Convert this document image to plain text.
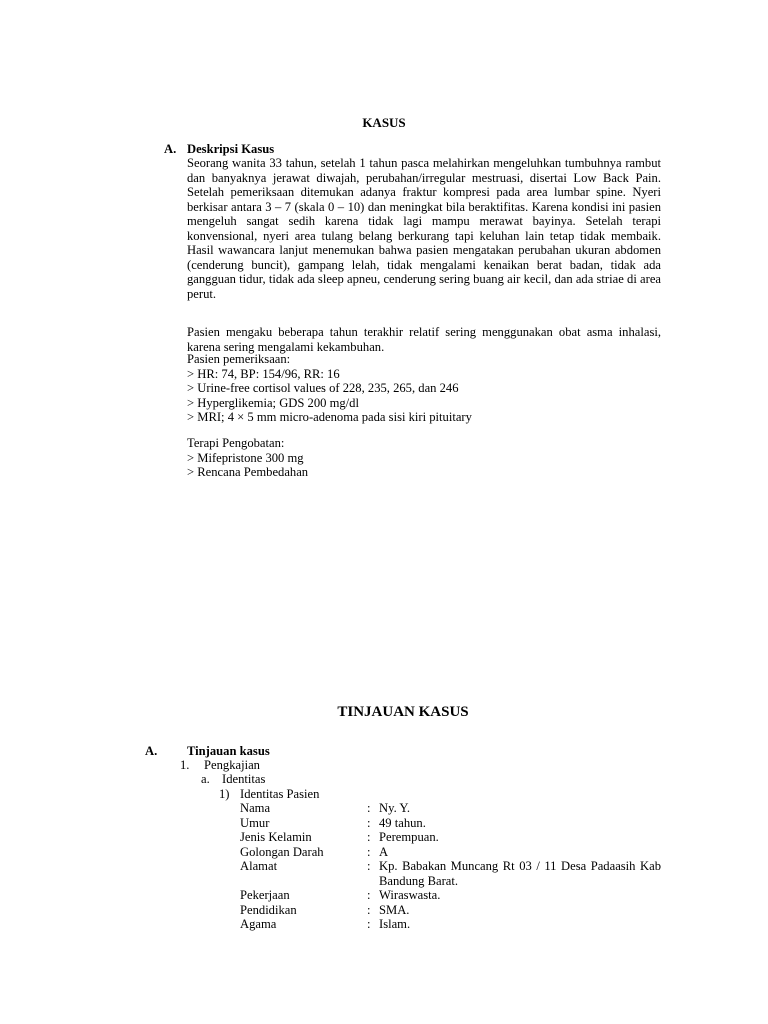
KASUS
A. Deskripsi Kasus

Seorang wanita 33 tahun, setelah 1 tahun pasca melahirkan mengeluhkan tumbuhnya rambut dan banyaknya jerawat diwajah, perubahan/irregular mestruasi, disertai Low Back Pain. Setelah pemeriksaan ditemukan adanya fraktur kompresi pada area lumbar spine. Nyeri berkisar antara 3 – 7 (skala 0 – 10) dan meningkat bila beraktifitas. Karena kondisi ini pasien mengeluh sangat sedih karena tidak lagi mampu merawat bayinya. Setelah terapi konvensional, nyeri area tulang belang berkurang tapi keluhan lain tetap tidak membaik. Hasil wawancara lanjut menemukan bahwa pasien mengatakan perubahan ukuran abdomen (cenderung buncit), gampang lelah, tidak mengalami kenaikan berat badan, tidak ada gangguan tidur, tidak ada sleep apneu, cenderung sering buang air kecil, dan ada striae di area perut.

Pasien mengaku beberapa tahun terakhir relatif sering menggunakan obat asma inhalasi, karena sering mengalami kekambuhan.

Pasien pemeriksaan:
> HR: 74, BP: 154/96, RR: 16
> Urine-free cortisol values of 228, 235, 265, dan 246
> Hyperglikemia; GDS 200 mg/dl
> MRI; 4 × 5 mm micro-adenoma pada sisi kiri pituitary
Terapi Pengobatan:
> Mifepristone 300 mg
> Rencana Pembedahan
TINJAUAN KASUS
A. Tinjauan kasus
1. Pengkajian
a. Identitas
1) Identitas Pasien
Nama	: Ny. Y.
Umur	: 49 tahun.
Jenis Kelamin	: Perempuan.
Golongan Darah	: A
Alamat	: Kp. Babakan Muncang Rt 03 / 11 Desa Padaasih Kab Bandung Barat.
Pekerjaan	: Wiraswasta.
Pendidikan	: SMA.
Agama	: Islam.
